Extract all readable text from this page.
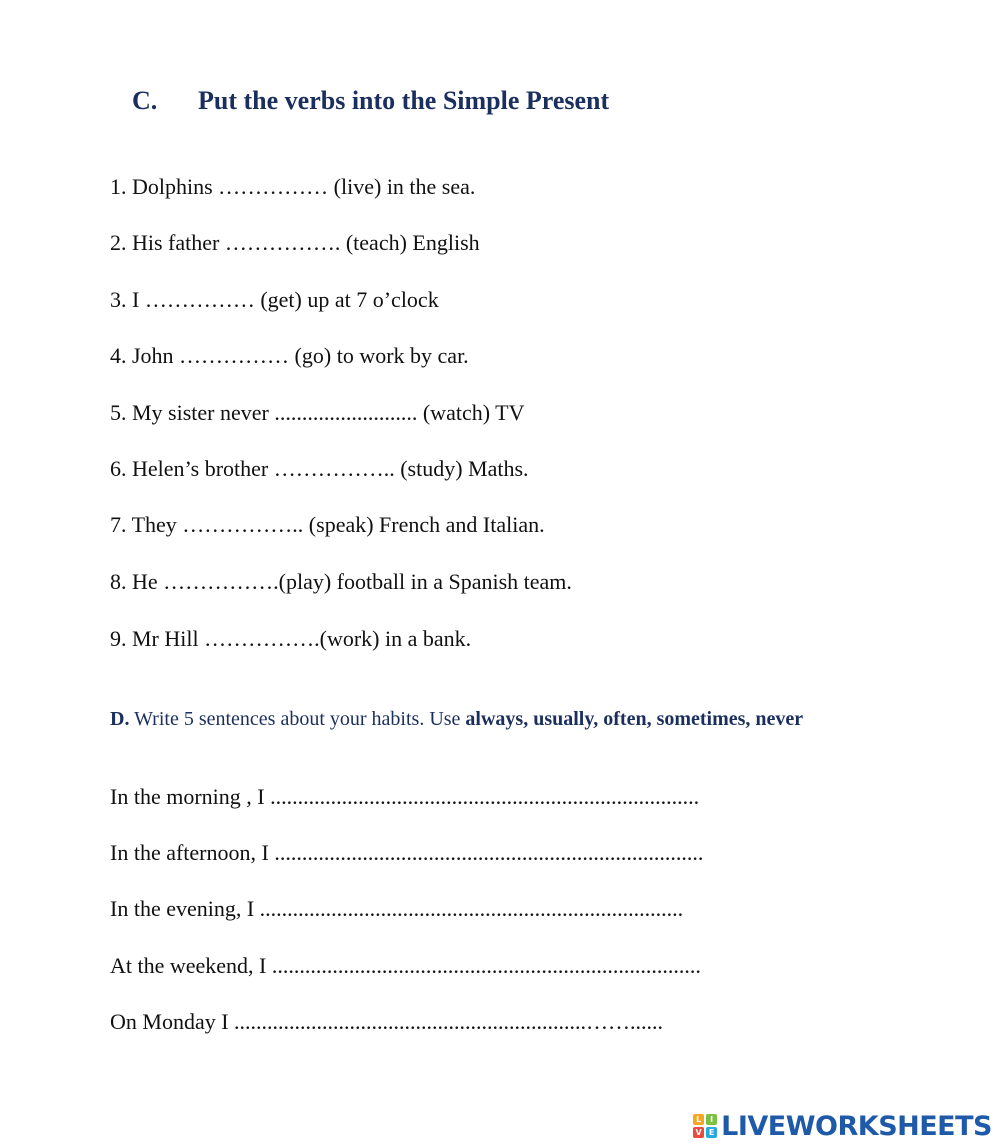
C. Put the verbs into the Simple Present
1. Dolphins …………… (live) in the sea.
2. His father ……………. (teach) English
3. I …………… (get) up at 7 o’clock
4. John …………… (go) to work by car.
5. My sister never .......................... (watch) TV
6. Helen’s brother …………….. (study) Maths.
7. They …………….. (speak) French and Italian.
8. He …………….(play) football in a Spanish team.
9. Mr Hill …………….(work) in a bank.
D. Write 5 sentences about your habits. Use always, usually, often, sometimes, never
In the morning , I ..............................................................................
In the afternoon, I ..............................................................................
In the evening, I .............................................................................
At the weekend, I ..............................................................................
On Monday I ................................................................……......
L	I
V E LIVEWORKSHEETS
